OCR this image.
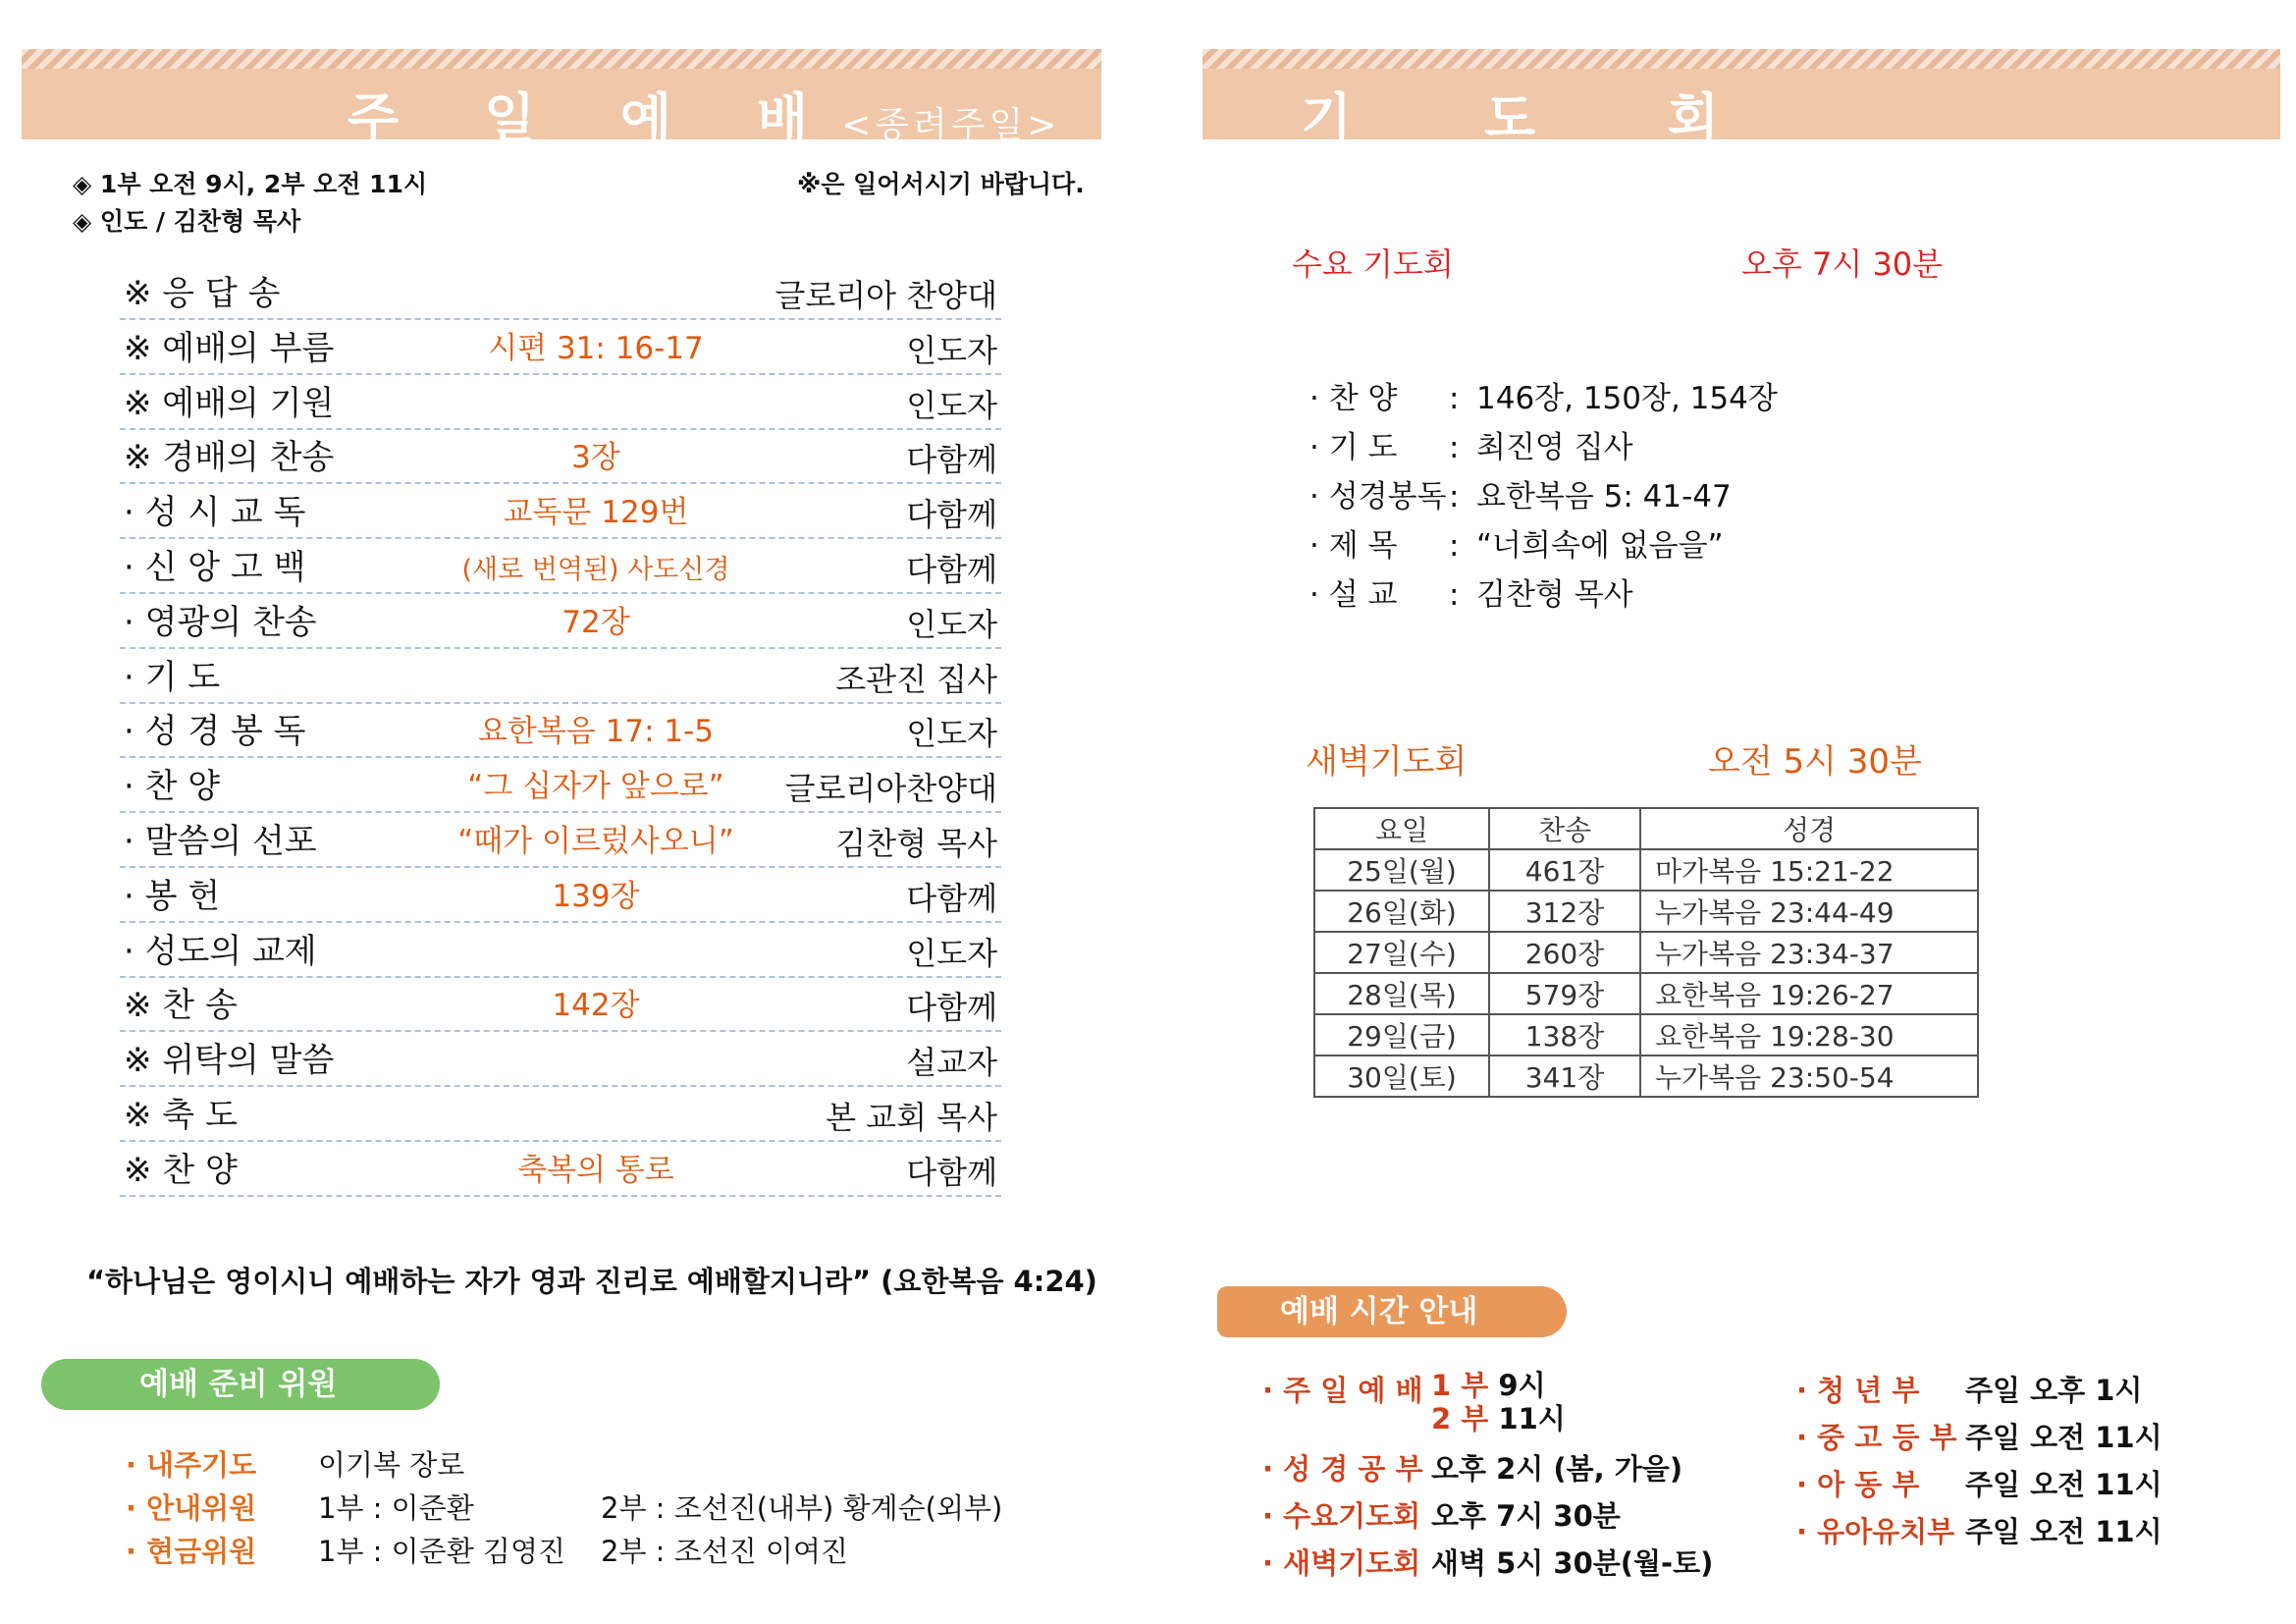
주 일 예 배<종려주일>
◈ 1부 오전 9시, 2부 오전 11시
◈ 인도 / 김찬형 목사
※은 일어서시기 바랍니다.
※ 응 답 송	글로리아 찬양대
※ 예배의 부름	시편 31: 16-17	인도자
※ 예배의 기원	인도자
※ 경배의 찬송	3장	다함께
· 성 시 교 독	교독문 129번	다함께
· 신 앙 고 백	(새로 번역된) 사도신경	다함께
· 영광의 찬송	72장	인도자
· 기 도	조관진 집사
· 성 경 봉 독	요한복음 17: 1-5	인도자
· 찬 양	“그 십자가 앞으로”	글로리아찬양대
· 말씀의 선포	“때가 이르렀사오니”	김찬형 목사
· 봉 헌	139장	다함께
· 성도의 교제	인도자
※ 찬 송	142장	다함께
※ 위탁의 말씀	설교자
※ 축 도	본 교회 목사
※ 찬 양	축복의 통로	다함께
“하나님은 영이시니 예배하는 자가 영과 진리로 예배할지니라” (요한복음 4:24)
예배 준비 위원
· 내주기도 이기복 장로
· 안내위원 1부 : 이준환	2부 : 조선진(내부) 황계순(외부)
· 현금위원 1부 : 이준환 김영진 2부 : 조선진 이여진
기 도 회
수요 기도회	오후 7시 30분
· 찬 양 : 146장, 150장, 154장
· 기 도 : 최진영 집사
· 성경봉독: 요한복음 5: 41-47
· 제 목 : “너희속에 없음을”
· 설 교 : 김찬형 목사
새벽기도회	오전 5시 30분
요일	찬송	성경
25일(월)	461장	마가복음 15:21-22
26일(화)	312장	누가복음 23:44-49
27일(수)	260장	누가복음 23:34-37
28일(목)	579장	요한복음 19:26-27
29일(금)	138장	요한복음 19:28-30
30일(토)	341장	누가복음 23:50-54
예배 시간 안내
· 주 일 예 배 1 부 9시
2 부 11시
· 성 경 공 부 오후 2시 (봄, 가을)
· 수요기도회 오후 7시 30분
· 새벽기도회 새벽 5시 30분(월-토)
· 청 년 부 주일 오후 1시
· 중 고 등 부 주일 오전 11시
· 아 동 부 주일 오전 11시
· 유아유치부 주일 오전 11시
